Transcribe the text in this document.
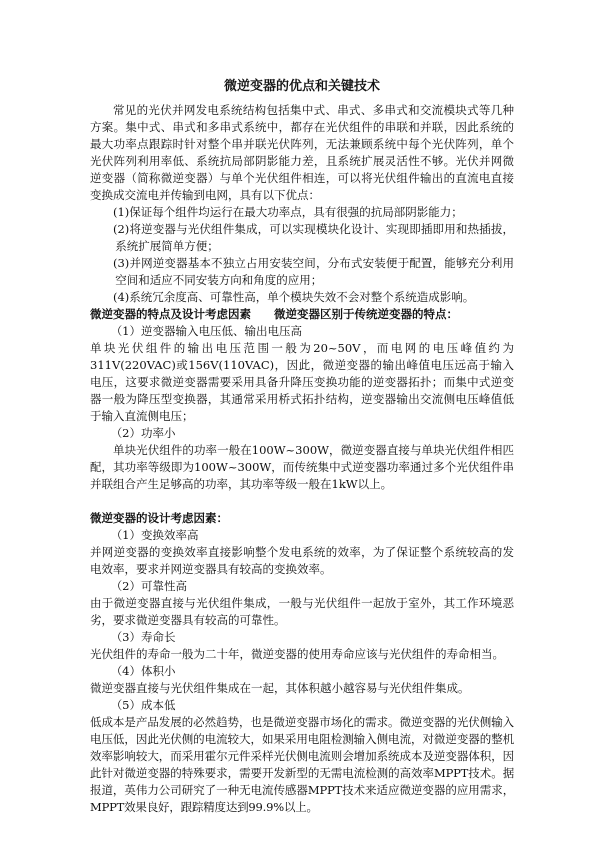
微逆变器的优点和关键技术

常见的光伏并网发电系统结构包括集中式、串式、多串式和交流模块式等几种方案。集中式、串式和多串式系统中，都存在光伏组件的串联和并联，因此系统的最大功率点跟踪时针对整个串并联光伏阵列，无法兼顾系统中每个光伏阵列，单个光伏阵列利用率低、系统抗局部阴影能力差，且系统扩展灵活性不够。光伏并网微逆变器（简称微逆变器）与单个光伏组件相连，可以将光伏组件输出的直流电直接变换成交流电并传输到电网，具有以下优点：

(1)保证每个组件均运行在最大功率点，具有很强的抗局部阴影能力；

(2)将逆变器与光伏组件集成，可以实现模块化设计、实现即插即用和热插拔，系统扩展简单方便；

(3)并网逆变器基本不独立占用安装空间，分布式安装便于配置，能够充分利用空间和适应不同安装方向和角度的应用；

(4)系统冗余度高、可靠性高，单个模块失效不会对整个系统造成影响。

微逆变器的特点及设计考虑因素　　微逆变器区别于传统逆变器的特点：

（1）逆变器输入电压低、输出电压高

单块光伏组件的输出电压范围一般为20~50V，而电网的电压峰值约为311V(220VAC)或156V(110VAC)，因此，微逆变器的输出峰值电压远高于输入电压，这要求微逆变器需要采用具备升降压变换功能的逆变器拓扑；而集中式逆变器一般为降压型变换器，其通常采用桥式拓扑结构，逆变器输出交流侧电压峰值低于输入直流侧电压；

（2）功率小

单块光伏组件的功率一般在100W~300W，微逆变器直接与单块光伏组件相匹配，其功率等级即为100W~300W，而传统集中式逆变器功率通过多个光伏组件串并联组合产生足够高的功率，其功率等级一般在1kW以上。

微逆变器的设计考虑因素：

（1）变换效率高

并网逆变器的变换效率直接影响整个发电系统的效率，为了保证整个系统较高的发电效率，要求并网逆变器具有较高的变换效率。

（2）可靠性高

由于微逆变器直接与光伏组件集成，一般与光伏组件一起放于室外，其工作环境恶劣，要求微逆变器具有较高的可靠性。

（3）寿命长

光伏组件的寿命一般为二十年，微逆变器的使用寿命应该与光伏组件的寿命相当。

（4）体积小

微逆变器直接与光伏组件集成在一起，其体积越小越容易与光伏组件集成。

（5）成本低

低成本是产品发展的必然趋势，也是微逆变器市场化的需求。微逆变器的光伏侧输入电压低，因此光伏侧的电流较大，如果采用电阻检测输入侧电流，对微逆变器的整机效率影响较大，而采用霍尔元件采样光伏侧电流则会增加系统成本及逆变器体积，因此针对微逆变器的特殊要求，需要开发新型的无需电流检测的高效率MPPT技术。据报道，英伟力公司研究了一种无电流传感器MPPT技术来适应微逆变器的应用需求，MPPT效果良好，跟踪精度达到99.9%以上。
